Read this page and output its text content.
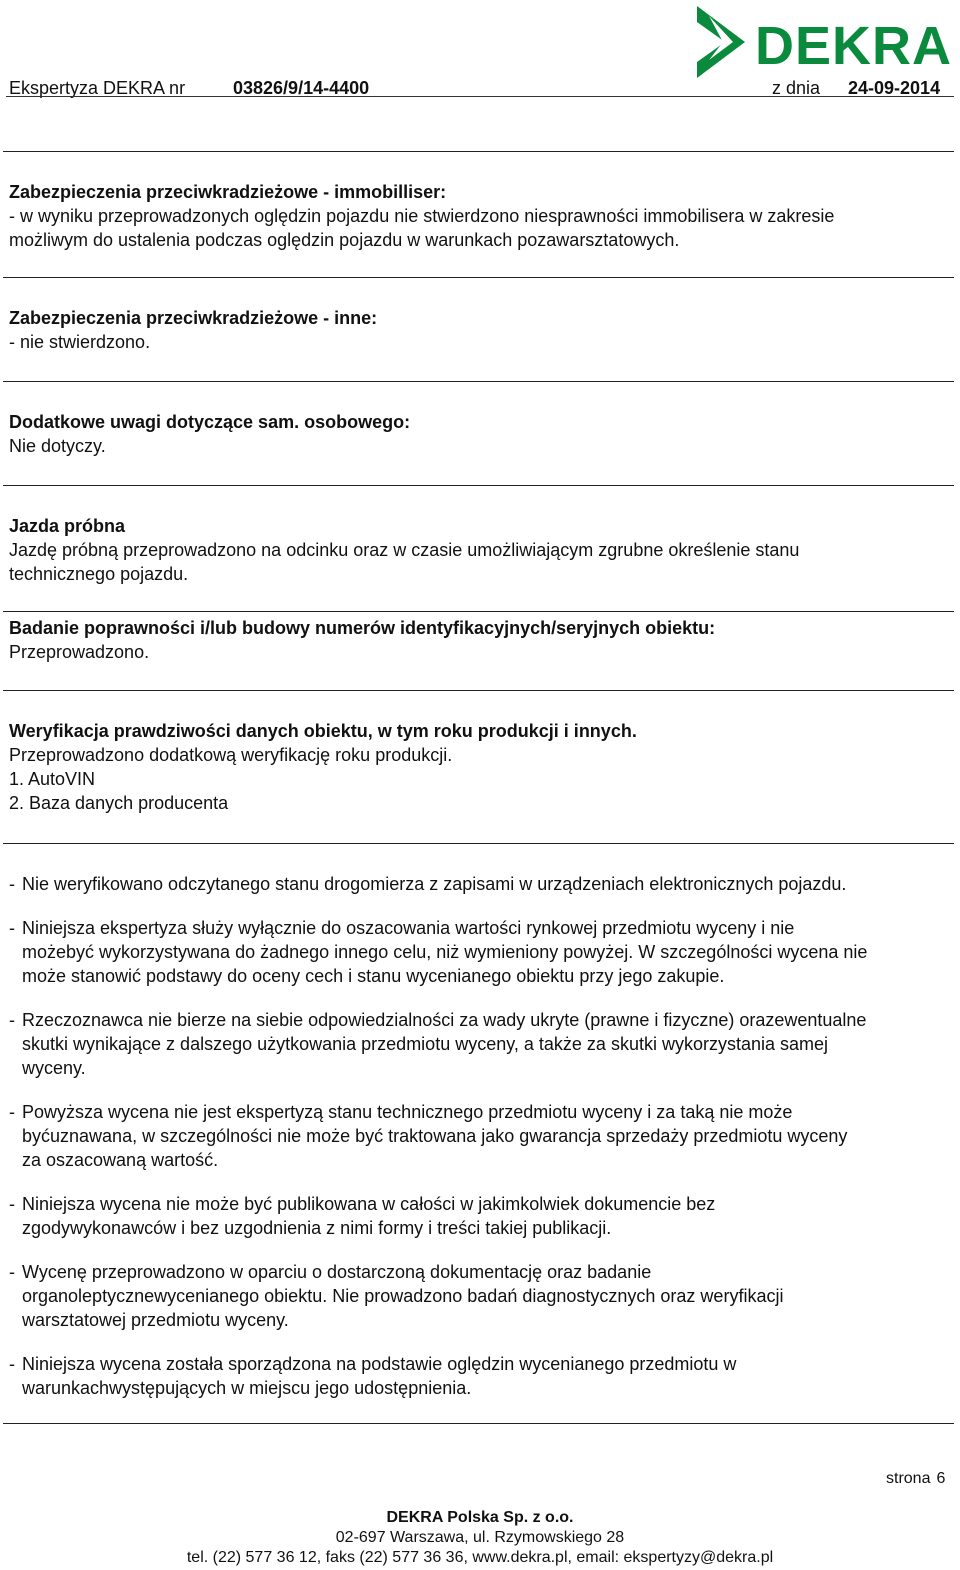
DEKRA
Ekspertyza DEKRA nr	03826/9/14-4400	z dnia 24-09-2014

Zabezpieczenia przeciwkradzieżowe - immobilliser:

- w wyniku przeprowadzonych oględzin pojazdu nie stwierdzono niesprawności immobilisera w zakresie

możliwym do ustalenia podczas oględzin pojazdu w warunkach pozawarsztatowych.

Zabezpieczenia przeciwkradzieżowe - inne:

- nie stwierdzono.

Dodatkowe uwagi dotyczące sam. osobowego:

Nie dotyczy.

Jazda próbna

Jazdę próbną przeprowadzono na odcinku oraz w czasie umożliwiającym zgrubne określenie stanu

technicznego pojazdu.

Badanie poprawności i/lub budowy numerów identyfikacyjnych/seryjnych obiektu:

Przeprowadzono.

Weryfikacja prawdziwości danych obiektu, w tym roku produkcji i innych.

Przeprowadzono dodatkową weryfikację roku produkcji.

1. AutoVIN

2. Baza danych producenta

- Nie weryfikowano odczytanego stanu drogomierza z zapisami w urządzeniach elektronicznych pojazdu.

- Niniejsza ekspertyza służy wyłącznie do oszacowania wartości rynkowej przedmiotu wyceny i nie

możebyć wykorzystywana do żadnego innego celu, niż wymieniony powyżej. W szczególności wycena nie

może stanowić podstawy do oceny cech i stanu wycenianego obiektu przy jego zakupie.

- Rzeczoznawca nie bierze na siebie odpowiedzialności za wady ukryte (prawne i fizyczne) orazewentualne

skutki wynikające z dalszego użytkowania przedmiotu wyceny, a także za skutki wykorzystania samej

wyceny.

- Powyższa wycena nie jest ekspertyzą stanu technicznego przedmiotu wyceny i za taką nie może

byćuznawana, w szczególności nie może być traktowana jako gwarancja sprzedaży przedmiotu wyceny

za oszacowaną wartość.

- Niniejsza wycena nie może być publikowana w całości w jakimkolwiek dokumencie bez

zgodywykonawców i bez uzgodnienia z nimi formy i treści takiej publikacji.

- Wycenę przeprowadzono w oparciu o dostarczoną dokumentację oraz badanie

organoleptycznewycenianego obiektu. Nie prowadzono badań diagnostycznych oraz weryfikacji

warsztatowej przedmiotu wyceny.

- Niniejsza wycena została sporządzona na podstawie oględzin wycenianego przedmiotu w

warunkachwystępujących w miejscu jego udostępnienia.

strona 6
DEKRA Polska Sp. z o.o.
02-697 Warszawa, ul. Rzymowskiego 28
tel. (22) 577 36 12, faks (22) 577 36 36, www.dekra.pl, email: ekspertyzy@dekra.pl
